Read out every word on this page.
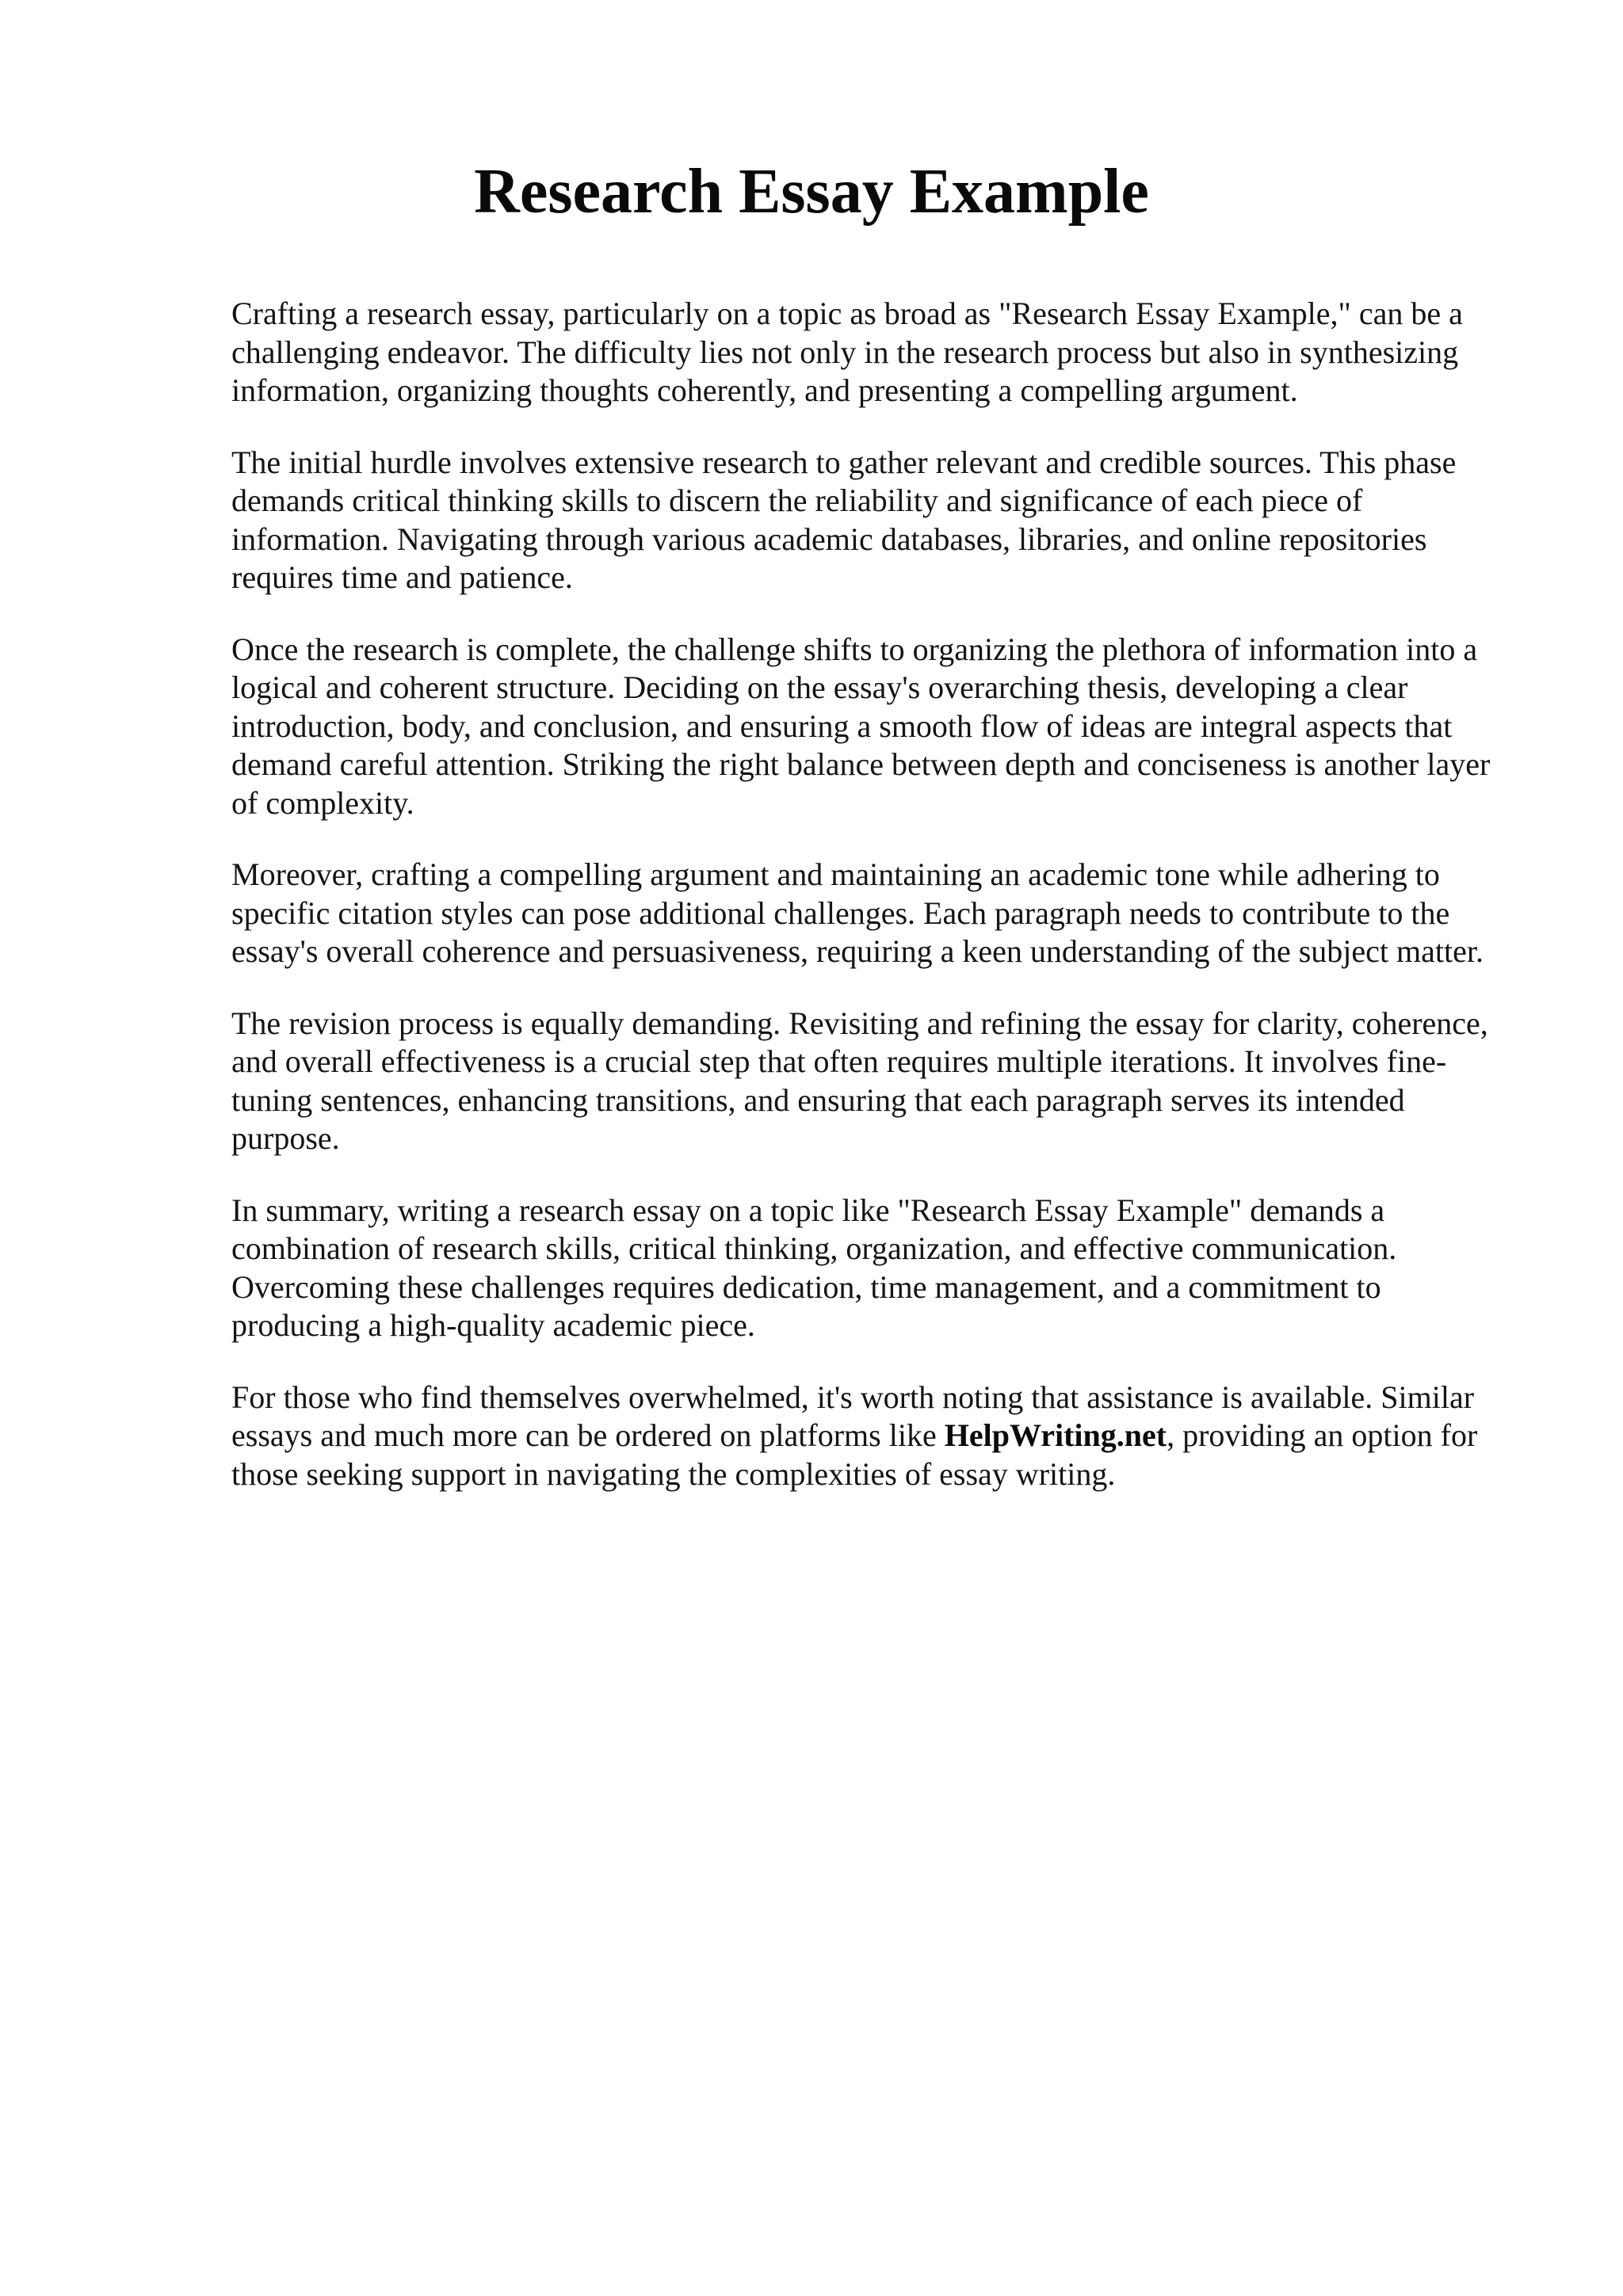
Research Essay Example

Crafting a research essay, particularly on a topic as broad as "Research Essay Example," can be a challenging endeavor. The difficulty lies not only in the research process but also in synthesizing information, organizing thoughts coherently, and presenting a compelling argument.

The initial hurdle involves extensive research to gather relevant and credible sources. This phase demands critical thinking skills to discern the reliability and significance of each piece of information. Navigating through various academic databases, libraries, and online repositories requires time and patience.

Once the research is complete, the challenge shifts to organizing the plethora of information into a logical and coherent structure. Deciding on the essay's overarching thesis, developing a clear introduction, body, and conclusion, and ensuring a smooth flow of ideas are integral aspects that demand careful attention. Striking the right balance between depth and conciseness is another layer of complexity.

Moreover, crafting a compelling argument and maintaining an academic tone while adhering to specific citation styles can pose additional challenges. Each paragraph needs to contribute to the essay's overall coherence and persuasiveness, requiring a keen understanding of the subject matter.

The revision process is equally demanding. Revisiting and refining the essay for clarity, coherence, and overall effectiveness is a crucial step that often requires multiple iterations. It involves fine-tuning sentences, enhancing transitions, and ensuring that each paragraph serves its intended purpose.

In summary, writing a research essay on a topic like "Research Essay Example" demands a combination of research skills, critical thinking, organization, and effective communication. Overcoming these challenges requires dedication, time management, and a commitment to producing a high-quality academic piece.

For those who find themselves overwhelmed, it's worth noting that assistance is available. Similar essays and much more can be ordered on platforms like HelpWriting.net, providing an option for those seeking support in navigating the complexities of essay writing.
